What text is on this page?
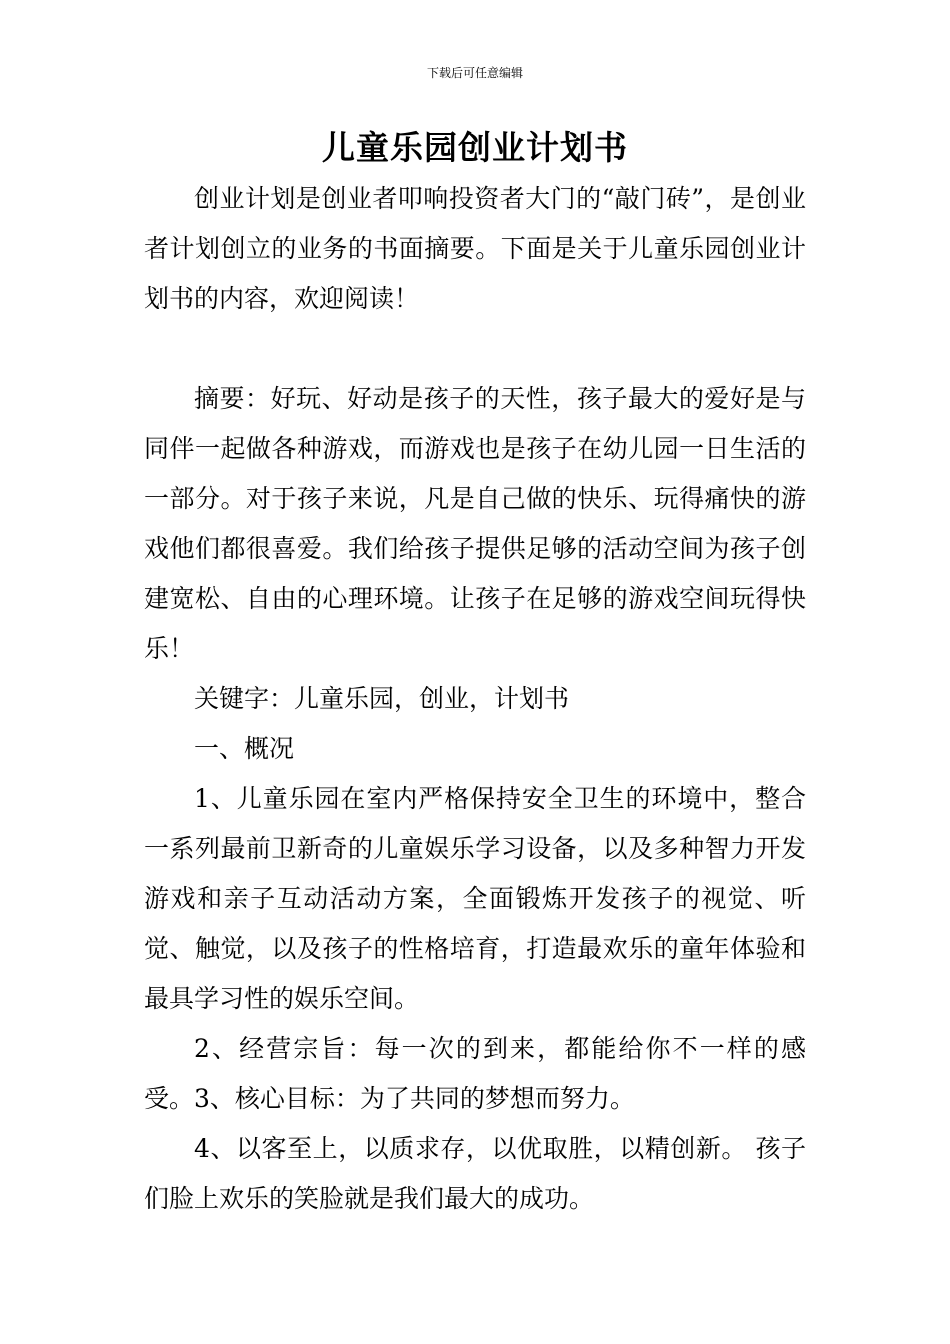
下载后可任意编辑
儿童乐园创业计划书

创业计划是创业者叩响投资者大门的“敲门砖”，是创业者计划创立的业务的书面摘要。下面是关于儿童乐园创业计划书的内容，欢迎阅读！

摘要：好玩、好动是孩子的天性，孩子最大的爱好是与同伴一起做各种游戏，而游戏也是孩子在幼儿园一日生活的一部分。对于孩子来说，凡是自己做的快乐、玩得痛快的游戏他们都很喜爱。我们给孩子提供足够的活动空间为孩子创建宽松、自由的心理环境。让孩子在足够的游戏空间玩得快乐！

关键字：儿童乐园，创业，计划书

一、概况

1、儿童乐园在室内严格保持安全卫生的环境中，整合一系列最前卫新奇的儿童娱乐学习设备，以及多种智力开发游戏和亲子互动活动方案，全面锻炼开发孩子的视觉、听觉、触觉，以及孩子的性格培育，打造最欢乐的童年体验和最具学习性的娱乐空间。

2、经营宗旨：每一次的到来，都能给你不一样的感受。 3、核心目标：为了共同的梦想而努力。

4、以客至上，以质求存，以优取胜，以精创新。 孩子们脸上欢乐的笑脸就是我们最大的成功。
